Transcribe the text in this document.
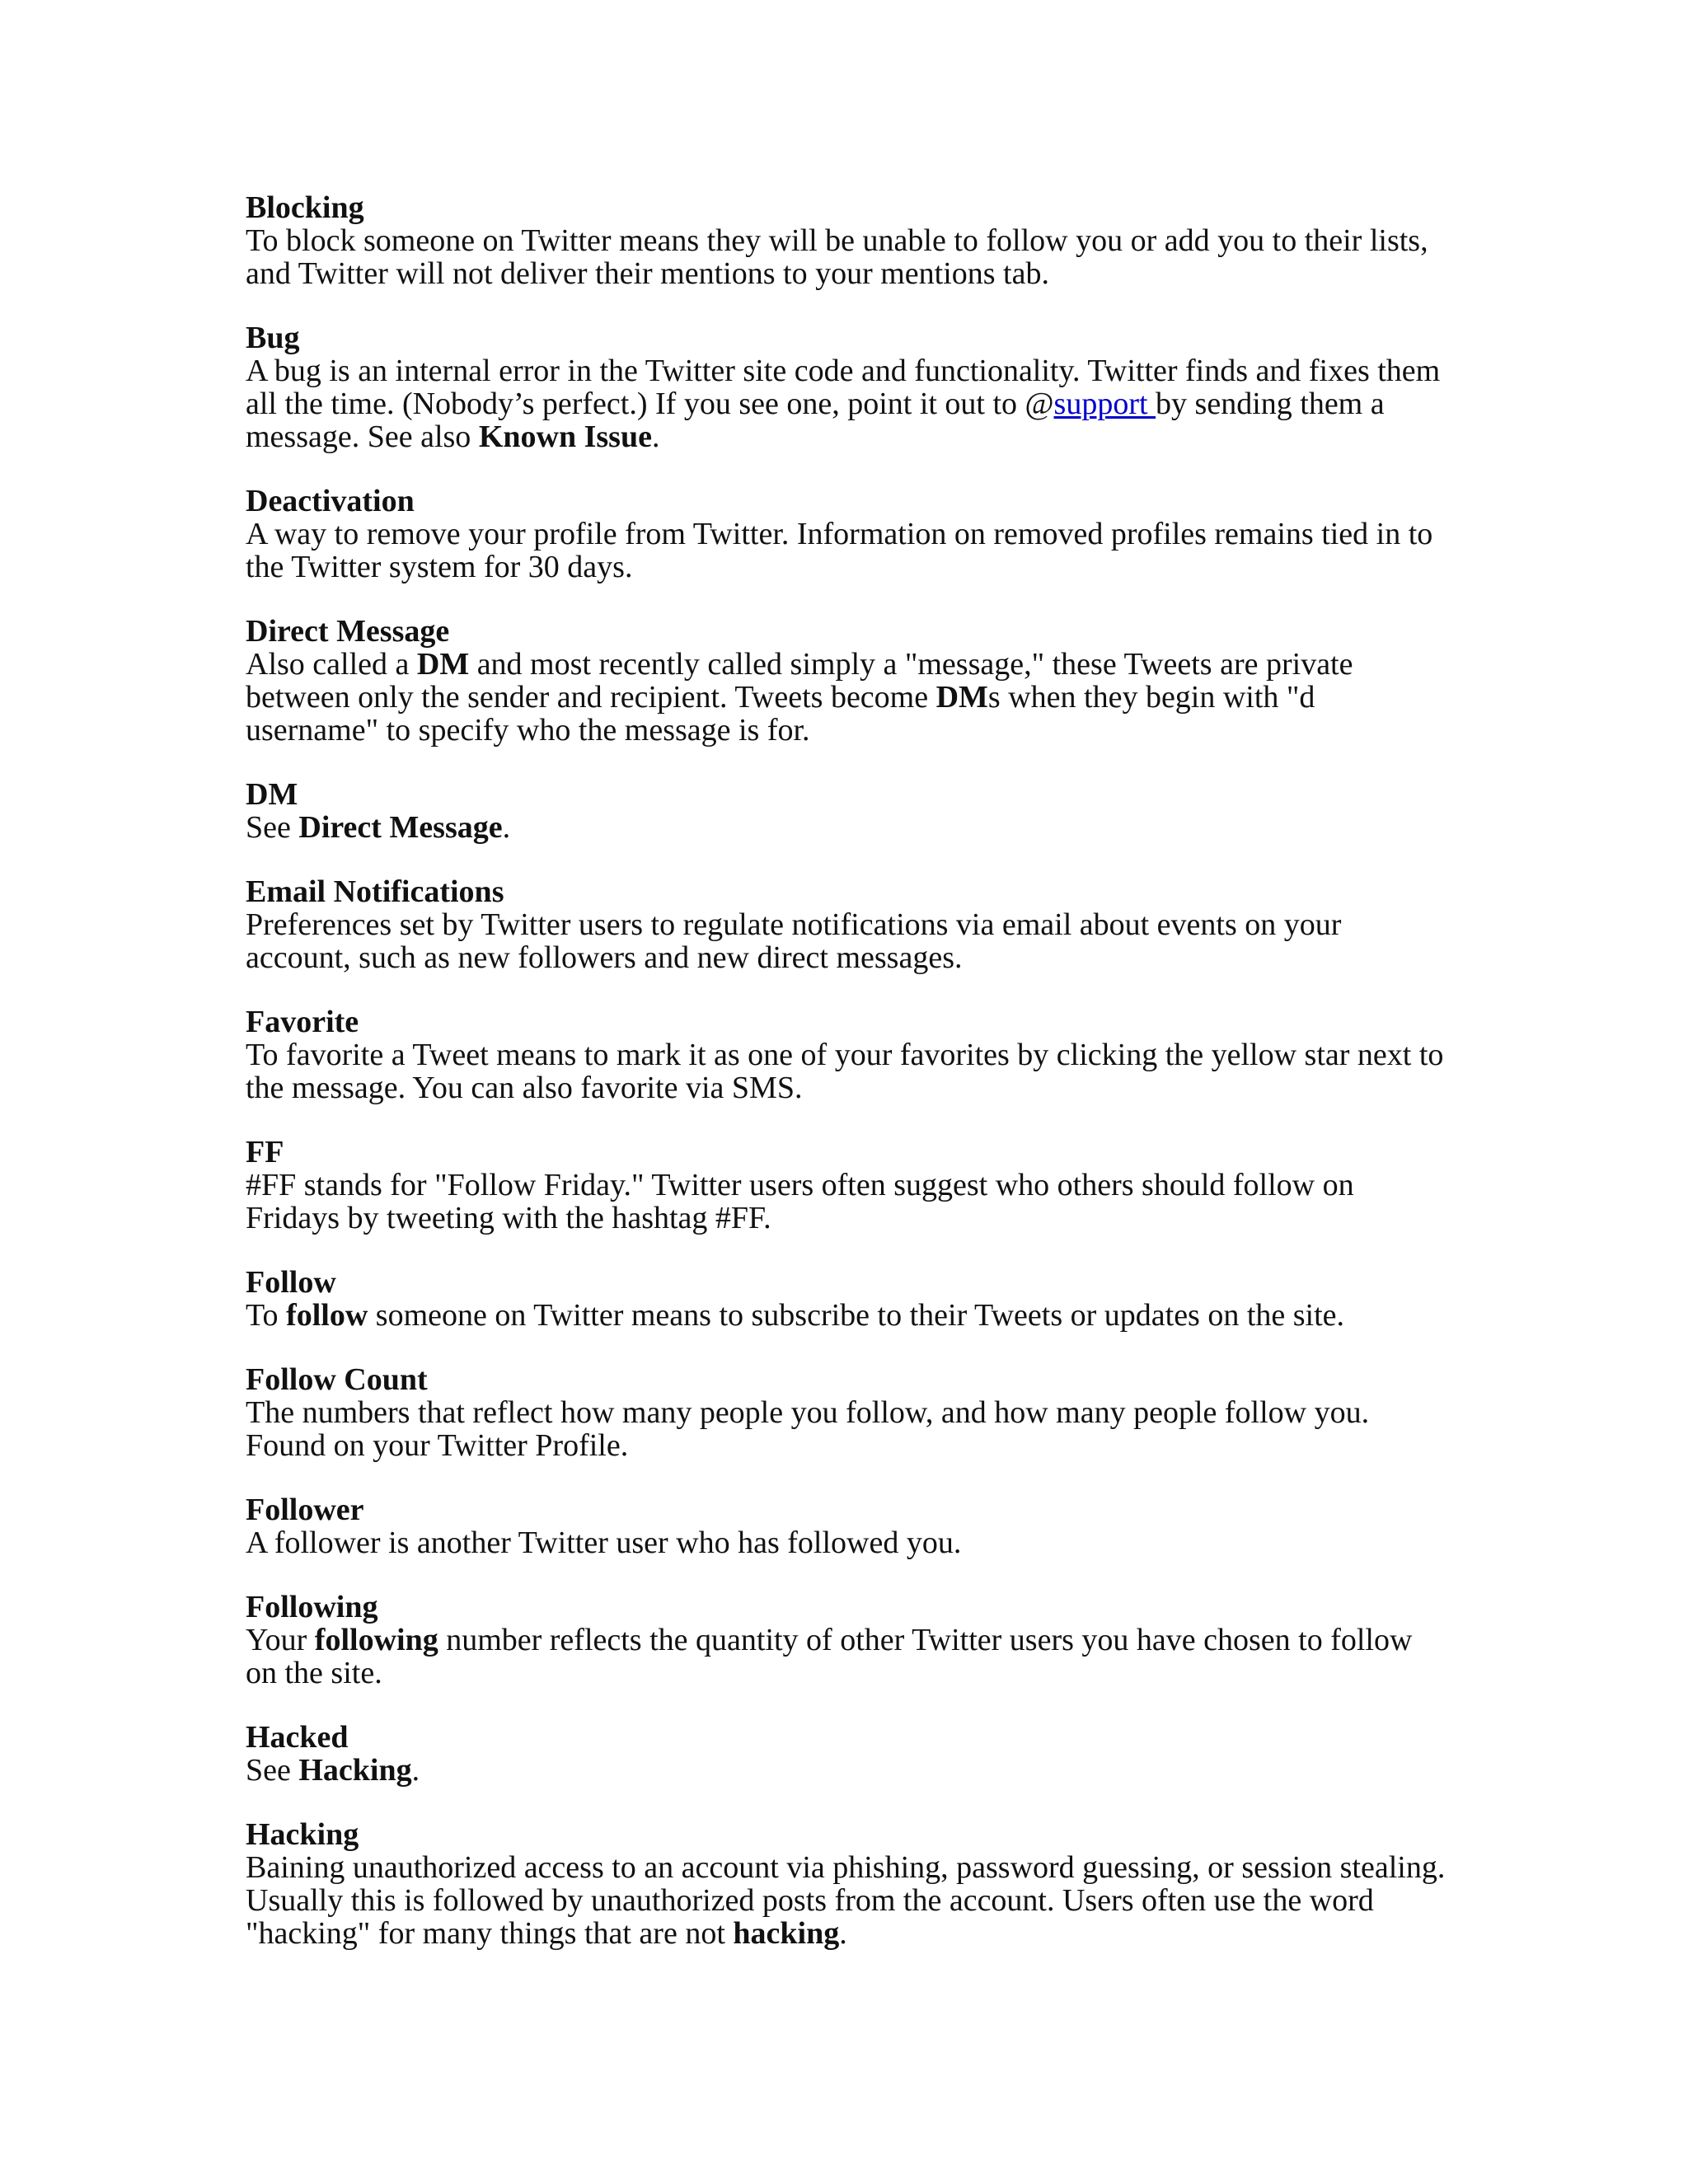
Blocking
To block someone on Twitter means they will be unable to follow you or add you to their lists, and Twitter will not deliver their mentions to your mentions tab.
Bug
A bug is an internal error in the Twitter site code and functionality. Twitter finds and fixes them all the time. (Nobody’s perfect.) If you see one, point it out to @support by sending them a message. See also Known Issue.
Deactivation
A way to remove your profile from Twitter. Information on removed profiles remains tied in to the Twitter system for 30 days.
Direct Message
Also called a DM and most recently called simply a "message," these Tweets are private between only the sender and recipient. Tweets become DMs when they begin with "d username" to specify who the message is for.
DM
See Direct Message.
Email Notifications
Preferences set by Twitter users to regulate notifications via email about events on your account, such as new followers and new direct messages.
Favorite
To favorite a Tweet means to mark it as one of your favorites by clicking the yellow star next to the message. You can also favorite via SMS.
FF
#FF stands for "Follow Friday." Twitter users often suggest who others should follow on Fridays by tweeting with the hashtag #FF.
Follow
To follow someone on Twitter means to subscribe to their Tweets or updates on the site.
Follow Count
The numbers that reflect how many people you follow, and how many people follow you. Found on your Twitter Profile.
Follower
A follower is another Twitter user who has followed you.
Following
Your following number reflects the quantity of other Twitter users you have chosen to follow on the site.
Hacked
See Hacking.
Hacking
Baining unauthorized access to an account via phishing, password guessing, or session stealing. Usually this is followed by unauthorized posts from the account. Users often use the word "hacking" for many things that are not hacking.
